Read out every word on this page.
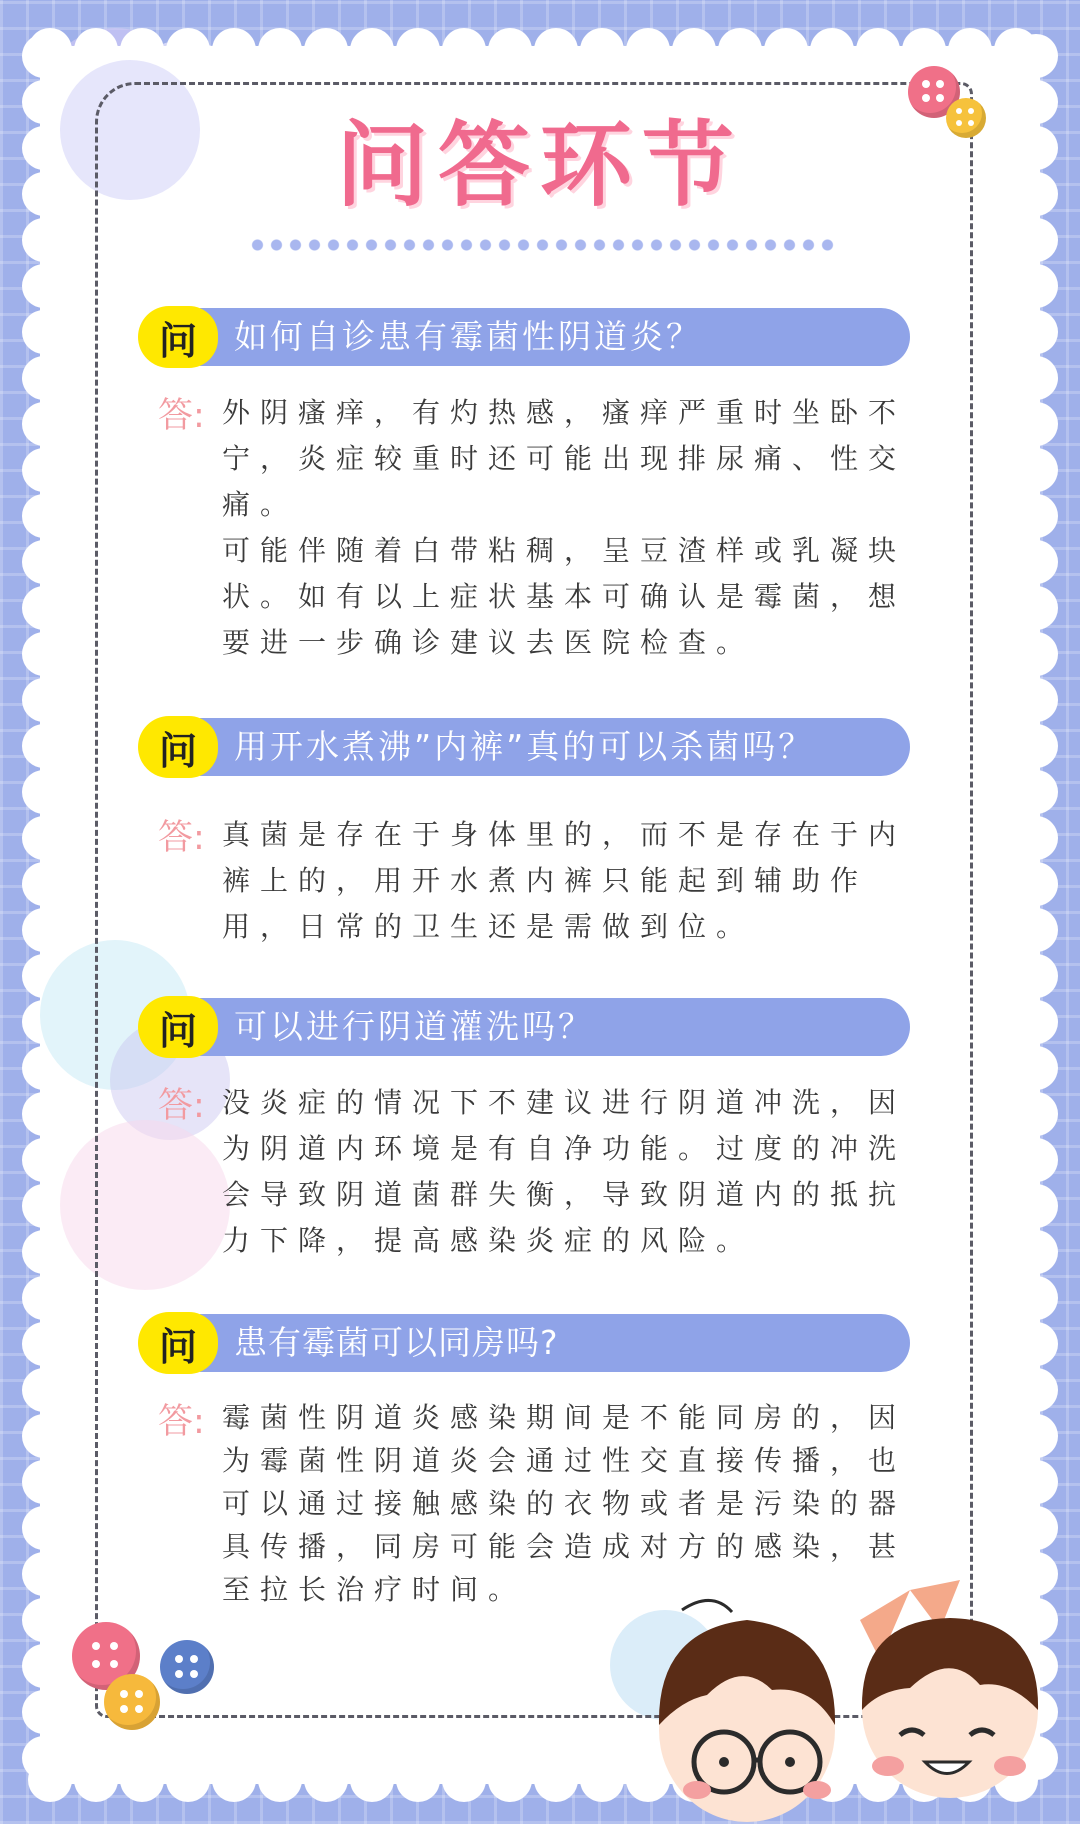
问答环节
问	如何自诊患有霉菌性阴道炎？
答: 外阴瘙痒，有灼热感，瘙痒严重时坐卧不宁，炎症较重时还可能出现排尿痛、性交痛。

可能伴随着白带粘稠，呈豆渣样或乳凝块状。如有以上症状基本可确认是霉菌，想要进一步确诊建议去医院检查。

问	用开水煮沸”内裤”真的可以杀菌吗？
答: 真菌是存在于身体里的，而不是存在于内裤上的，用开水煮内裤只能起到辅助作用，日常的卫生还是需做到位。

问	可以进行阴道灌洗吗？
答: 没炎症的情况下不建议进行阴道冲洗，因为阴道内环境是有自净功能。过度的冲洗会导致阴道菌群失衡，导致阴道内的抵抗力下降，提高感染炎症的风险。

问	患有霉菌可以同房吗?
答: 霉菌性阴道炎感染期间是不能同房的，因为霉菌性阴道炎会通过性交直接传播，也可以通过接触感染的衣物或者是污染的器具传播，同房可能会造成对方的感染，甚至拉长治疗时间。
